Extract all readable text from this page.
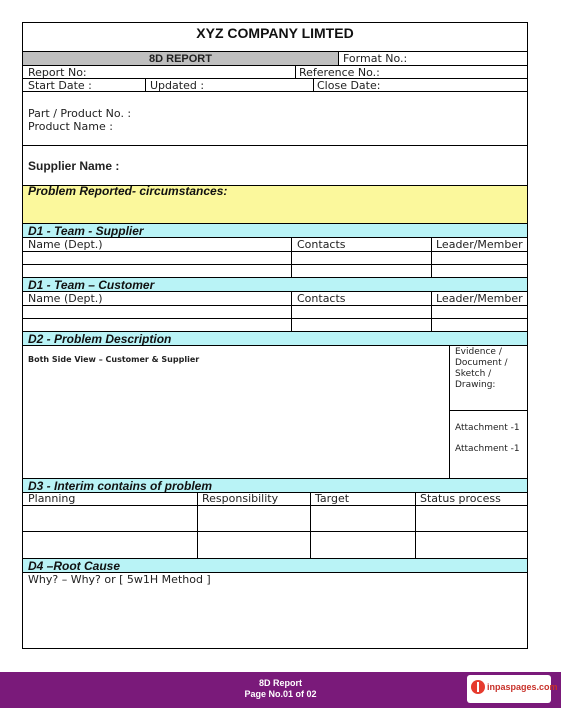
XYZ COMPANY LIMTED
8D REPORT	Format No.:
Report No:	Reference No.:
Start Date :	Updated :	Close Date:
Part / Product No. :
Product Name :
Supplier Name :
Problem Reported- circumstances:
D1 - Team - Supplier
Name (Dept.)	Contacts	Leader/Member
D1 - Team – Customer
Name (Dept.)	Contacts	Leader/Member
D2 - Problem Description
Both Side View – Customer & Supplier
Evidence /
Document /
Sketch /
Drawing:
Attachment -1
Attachment -1
D3 - Interim contains of problem
Planning	Responsibility	Target	Status process
D4 –Root Cause
Why? – Why? or [ 5w1H Method ]
8D Report
Page No.01 of 02
inpaspages.com
